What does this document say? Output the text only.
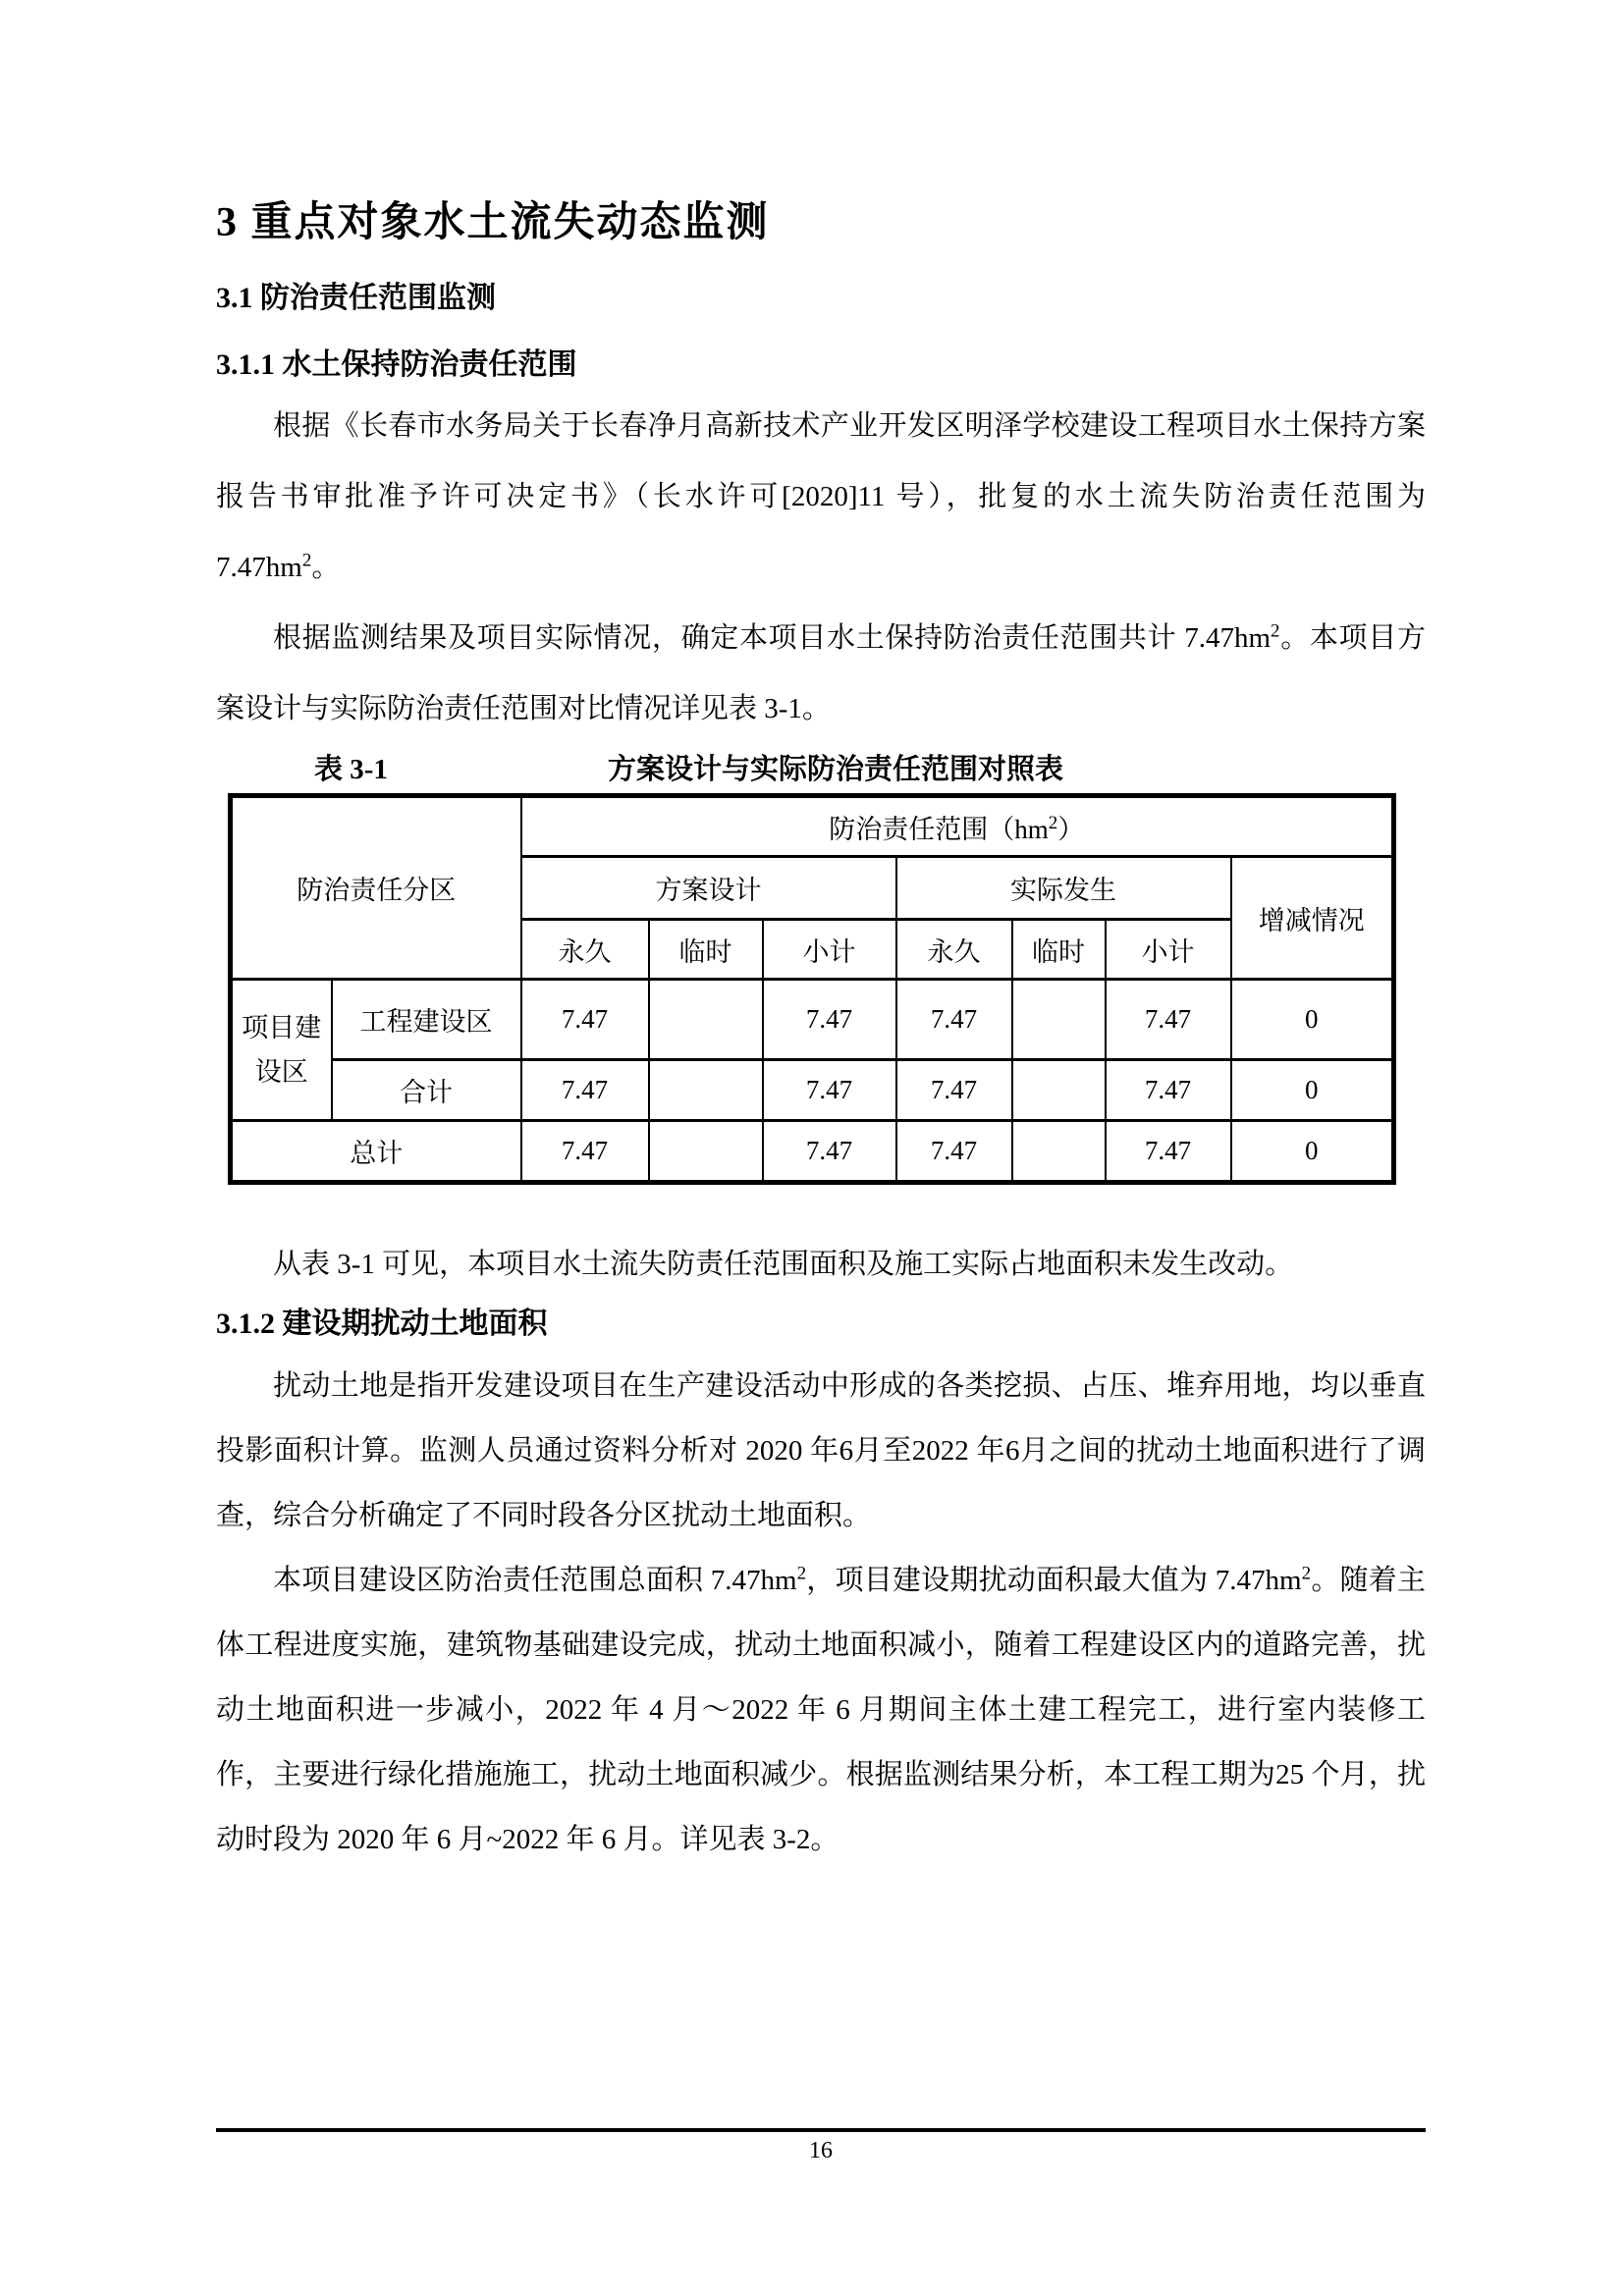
3 重点对象水土流失动态监测
3.1 防治责任范围监测
3.1.1 水土保持防治责任范围

根据《长春市水务局关于长春净月高新技术产业开发区明泽学校建设工程项目水土保持方案报告书审批准予许可决定书》（长水许可[2020]11 号），批复的水土流失防治责任范围为 $7.47hm^2$。

根据监测结果及项目实际情况，确定本项目水土保持防治责任范围共计 $7.47hm^2$。本项目方案设计与实际防治责任范围对比情况详见表 3-1。

表 3-1	方案设计与实际防治责任范围对照表
防治责任分区		防治责任范围$(hm^2)$						
		方案设计			实际发生			增减情况
		永久	临时	小计	永久	临时	小计	
项目建设区	工程建设区	7.47		7.47	7.47		7.47	0
	合计	7.47		7.47	7.47		7.47	0
总计		7.47		7.47	7.47		7.47	0

从表 3-1 可见，本项目水土流失防责任范围面积及施工实际占地面积未发生改动。

3.1.2 建设期扰动土地面积

扰动土地是指开发建设项目在生产建设活动中形成的各类挖损、占压、堆弃用地，均以垂直投影面积计算。监测人员通过资料分析对 2020 年6月至2022 年6月之间的扰动土地面积进行了调查，综合分析确定了不同时段各分区扰动土地面积。

本项目建设区防治责任范围总面积 $7.47hm^2$，项目建设期扰动面积最大值为 $7.47hm^2$。随着主体工程进度实施，建筑物基础建设完成，扰动土地面积减小，随着工程建设区内的道路完善，扰动土地面积进一步减小，2022 年 4 月～2022 年 6 月期间主体土建工程完工，进行室内装修工作，主要进行绿化措施施工，扰动土地面积减少。根据监测结果分析，本工程工期为25 个月，扰动时段为 2020 年 6 月~2022 年 6 月。详见表 3-2。

16
